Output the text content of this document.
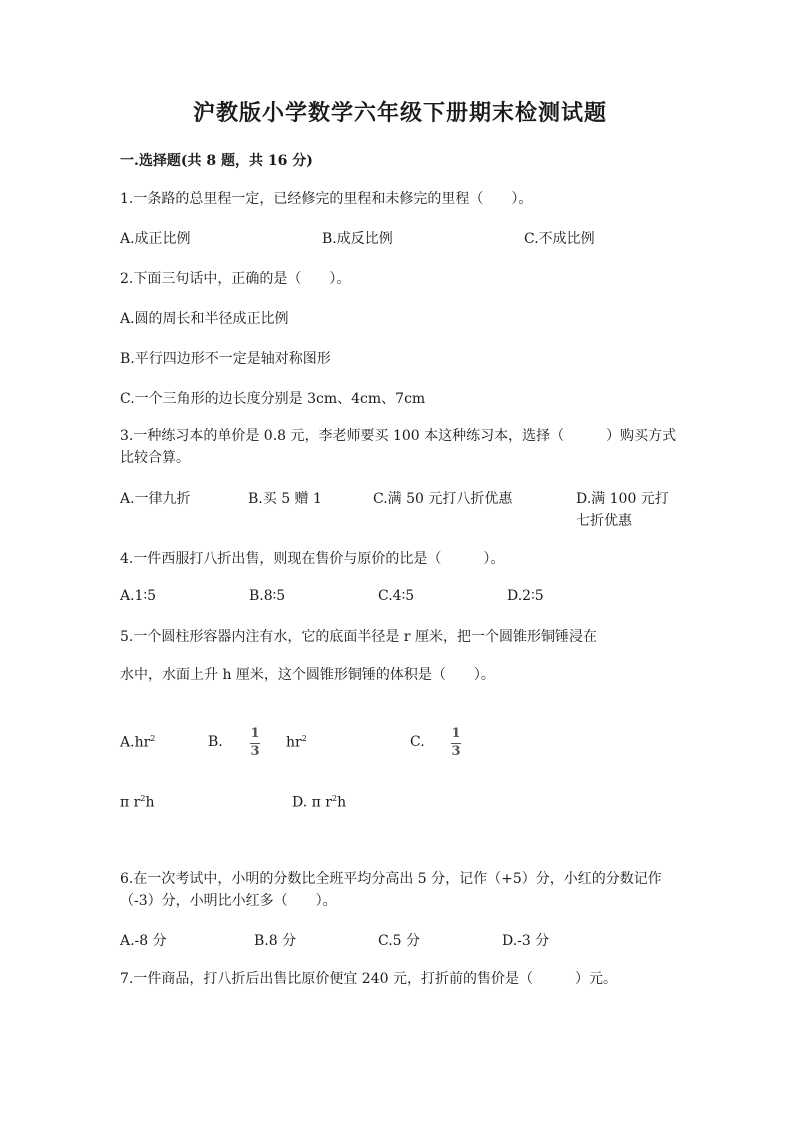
沪教版小学数学六年级下册期末检测试题
一.选择题(共 8 题，共 16 分)
1.一条路的总里程一定，已经修完的里程和未修完的里程（　　）。
A.成正比例	B.成反比例	C.不成比例
2.下面三句话中，正确的是（　　）。
A.圆的周长和半径成正比例
B.平行四边形不一定是轴对称图形
C.一个三角形的边长度分别是 3cm、4cm、7cm
3.一种练习本的单价是 0.8 元，李老师要买 100 本这种练习本，选择（　　　）购买方式比较合算。
A.一律九折	B.买 5 赠 1	C.满 50 元打八折优惠	D.满 100 元打七折优惠
4.一件西服打八折出售，则现在售价与原价的比是（　　　）。
A.1∶5	B.8∶5	C.4∶5	D.2∶5
5.一个圆柱形容器内注有水，它的底面半径是 r 厘米，把一个圆锥形铜锤浸在
水中，水面上升 h 厘米，这个圆锥形铜锤的体积是（　　）。
$A.hr^2$	B.
1
3
$hr^2$	C.
1
3
π $r^2h$	D. π $r^2h$
6.在一次考试中，小明的分数比全班平均分高出 5 分，记作（+5）分，小红的分数记作（-3）分，小明比小红多（　　）。
A.-8 分	B.8 分	C.5 分	D.-3 分
7.一件商品，打八折后出售比原价便宜 240 元，打折前的售价是（　　　）元。
